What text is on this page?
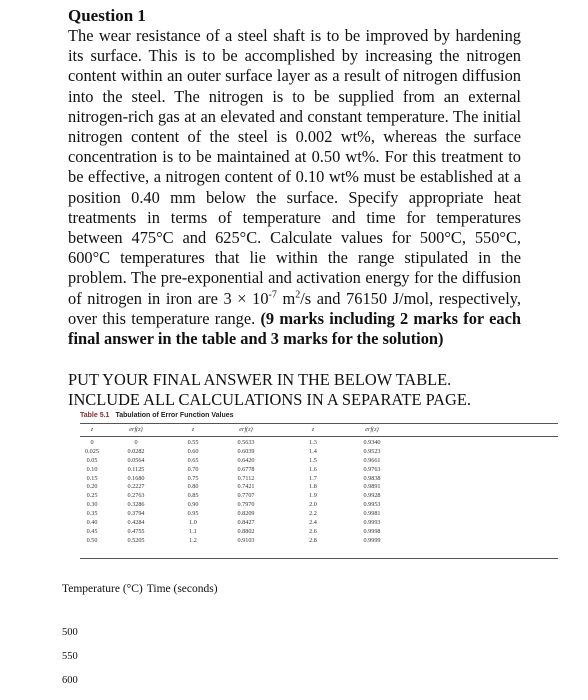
Question 1

The wear resistance of a steel shaft is to be improved by hardening its surface. This is to be accomplished by increasing the nitrogen content within an outer surface layer as a result of nitrogen diffusion into the steel. The nitrogen is to be supplied from an external nitrogen-rich gas at an elevated and constant temperature. The initial nitrogen content of the steel is 0.002 wt%, whereas the surface concentration is to be maintained at 0.50 wt%. For this treatment to be effective, a nitrogen content of 0.10 wt% must be established at a position 0.40 mm below the surface. Specify appropriate heat treatments in terms of temperature and time for temperatures between 475°C and 625°C. Calculate values for 500°C, 550°C, 600°C temperatures that lie within the range stipulated in the problem. The pre-exponential and activation energy for the diffusion of nitrogen in iron are $3 \times 10^{-7}$ $m^2/s$ and 76150 J/mol, respectively, over this temperature range. (9 marks including 2 marks for each final answer in the table and 3 marks for the solution)

PUT YOUR FINAL ANSWER IN THE BELOW TABLE.
INCLUDE ALL CALCULATIONS IN A SEPARATE PAGE.
Table 5.1 Tabulation of Error Function Values
z
0
0.025
0.05
0.10
0.15
0.20
0.25
0.30
0.35
0.40
0.45
0.50
erf(z)
0
0.0282
0.0564
0.1125
0.1680
0.2227
0.2763
0.3286
0.3794
0.4284
0.4755
0.5205
z
0.55
0.60
0.65
0.70
0.75
0.80
0.85
0.90
0.95
1.0
1.1
1.2
erf(z)
0.5633
0.6039
0.6420
0.6778
0.7112
0.7421
0.7707
0.7970
0.8209
0.8427
0.8802
0.9103
z
1.3
1.4
1.5
1.6
1.7
1.8
1.9
2.0
2.2
2.4
2.6
2.8
erf(z)
0.9340
0.9523
0.9661
0.9763
0.9838
0.9891
0.9928
0.9953
0.9981
0.9993
0.9998
0.9999
Temperature (°C) Time (seconds)
500
550
600
